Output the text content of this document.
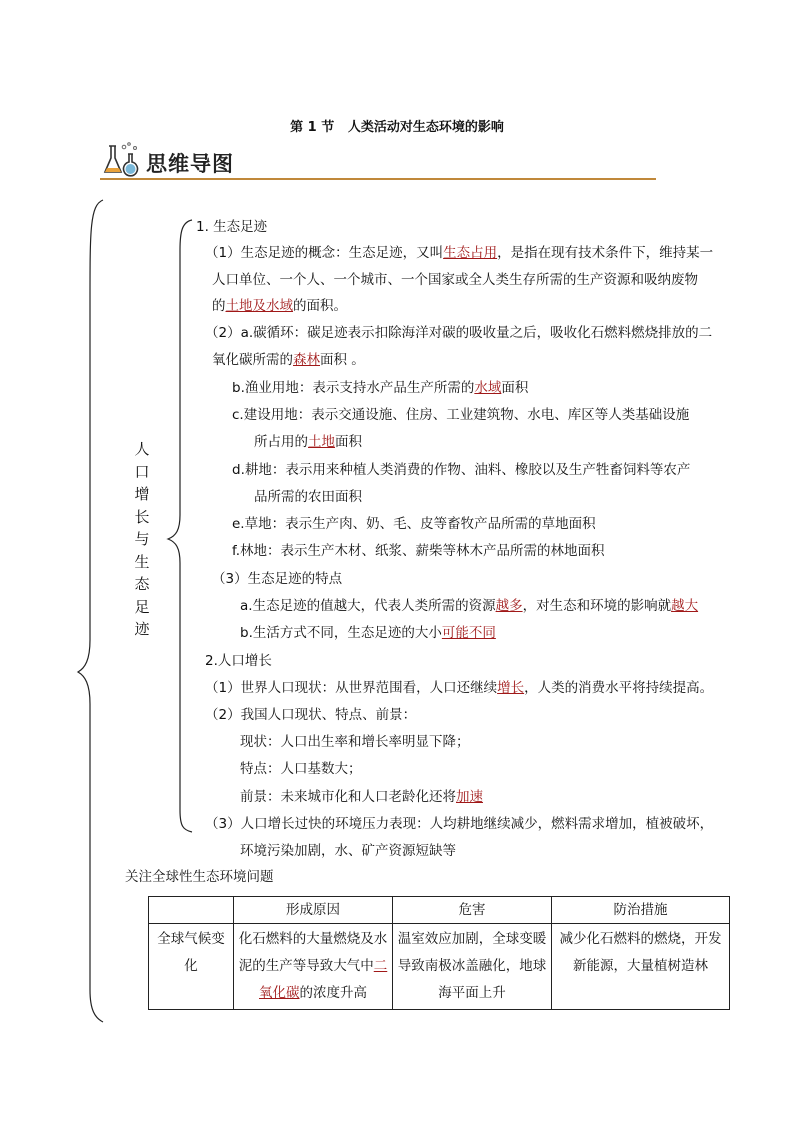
第 1 节   人类活动对生态环境的影响
思维导图
人
口
增
长
与
生
态
足
迹
1. 生态足迹
（1）生态足迹的概念：生态足迹，又叫生态占用，是指在现有技术条件下，维持某一
人口单位、一个人、一个城市、一个国家或全人类生存所需的生产资源和吸纳废物
的土地及水域的面积。
（2）a.碳循环：碳足迹表示扣除海洋对碳的吸收量之后，吸收化石燃料燃烧排放的二
氧化碳所需的森林面积 。
b.渔业用地：表示支持水产品生产所需的水域面积
c.建设用地：表示交通设施、住房、工业建筑物、水电、库区等人类基础设施
所占用的土地面积
d.耕地：表示用来种植人类消费的作物、油料、橡胶以及生产牲畜饲料等农产
品所需的农田面积
e.草地：表示生产肉、奶、毛、皮等畜牧产品所需的草地面积
f.林地：表示生产木材、纸浆、薪柴等林木产品所需的林地面积
（3）生态足迹的特点
a.生态足迹的值越大，代表人类所需的资源越多，对生态和环境的影响就越大
b.生活方式不同，生态足迹的大小可能不同
2.人口增长
（1）世界人口现状：从世界范围看，人口还继续增长，人类的消费水平将持续提高。
（2）我国人口现状、特点、前景：
现状：人口出生率和增长率明显下降；
特点：人口基数大；
前景：未来城市化和人口老龄化还将加速
（3）人口增长过快的环境压力表现：人均耕地继续减少，燃料需求增加，植被破坏，
环境污染加剧，水、矿产资源短缺等
关注全球性生态环境问题
	形成原因	危害	防治措施
全球气候变化	化石燃料的大量燃烧及水泥的生产等导致大气中二氧化碳的浓度升高	温室效应加剧，全球变暖导致南极冰盖融化，地球海平面上升	减少化石燃料的燃烧，开发新能源，大量植树造林
